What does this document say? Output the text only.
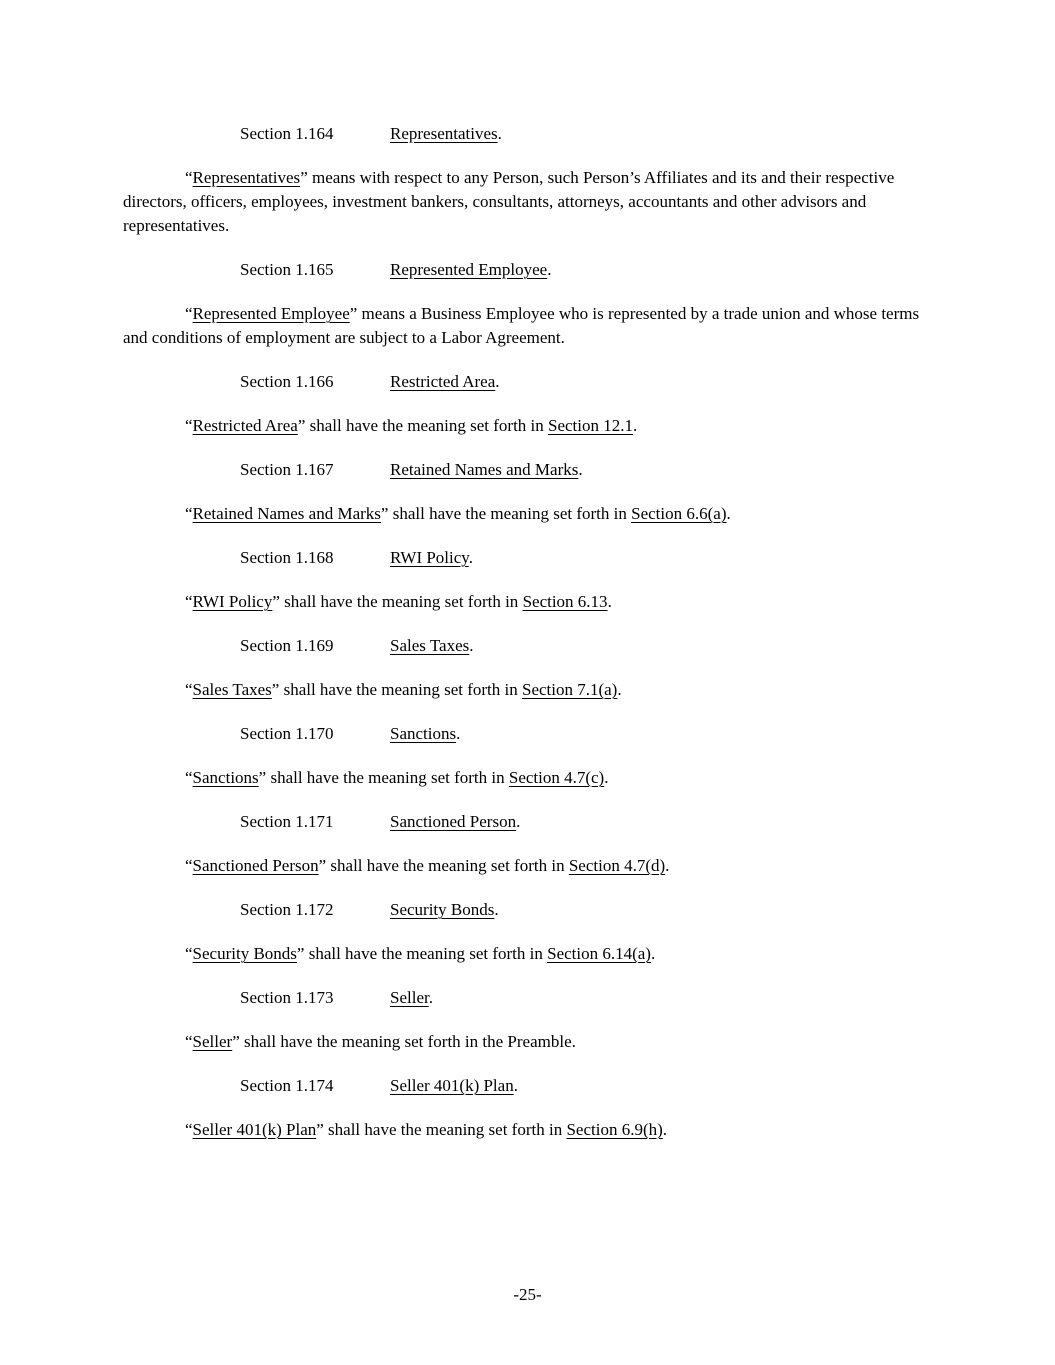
Section 1.164	Representatives.

“Representatives” means with respect to any Person, such Person’s Affiliates and its and their respective directors, officers, employees, investment bankers, consultants, attorneys, accountants and other advisors and representatives.

Section 1.165	Represented Employee.

“Represented Employee” means a Business Employee who is represented by a trade union and whose terms and conditions of employment are subject to a Labor Agreement.

Section 1.166	Restricted Area.

“Restricted Area” shall have the meaning set forth in Section 12.1.

Section 1.167	Retained Names and Marks.

“Retained Names and Marks” shall have the meaning set forth in Section 6.6(a).

Section 1.168	RWI Policy.

“RWI Policy” shall have the meaning set forth in Section 6.13.

Section 1.169	Sales Taxes.

“Sales Taxes” shall have the meaning set forth in Section 7.1(a).

Section 1.170	Sanctions.

“Sanctions” shall have the meaning set forth in Section 4.7(c).

Section 1.171	Sanctioned Person.

“Sanctioned Person” shall have the meaning set forth in Section 4.7(d).

Section 1.172	Security Bonds.

“Security Bonds” shall have the meaning set forth in Section 6.14(a).

Section 1.173	Seller.

“Seller” shall have the meaning set forth in the Preamble.

Section 1.174	Seller 401(k) Plan.

“Seller 401(k) Plan” shall have the meaning set forth in Section 6.9(h).

-25-
